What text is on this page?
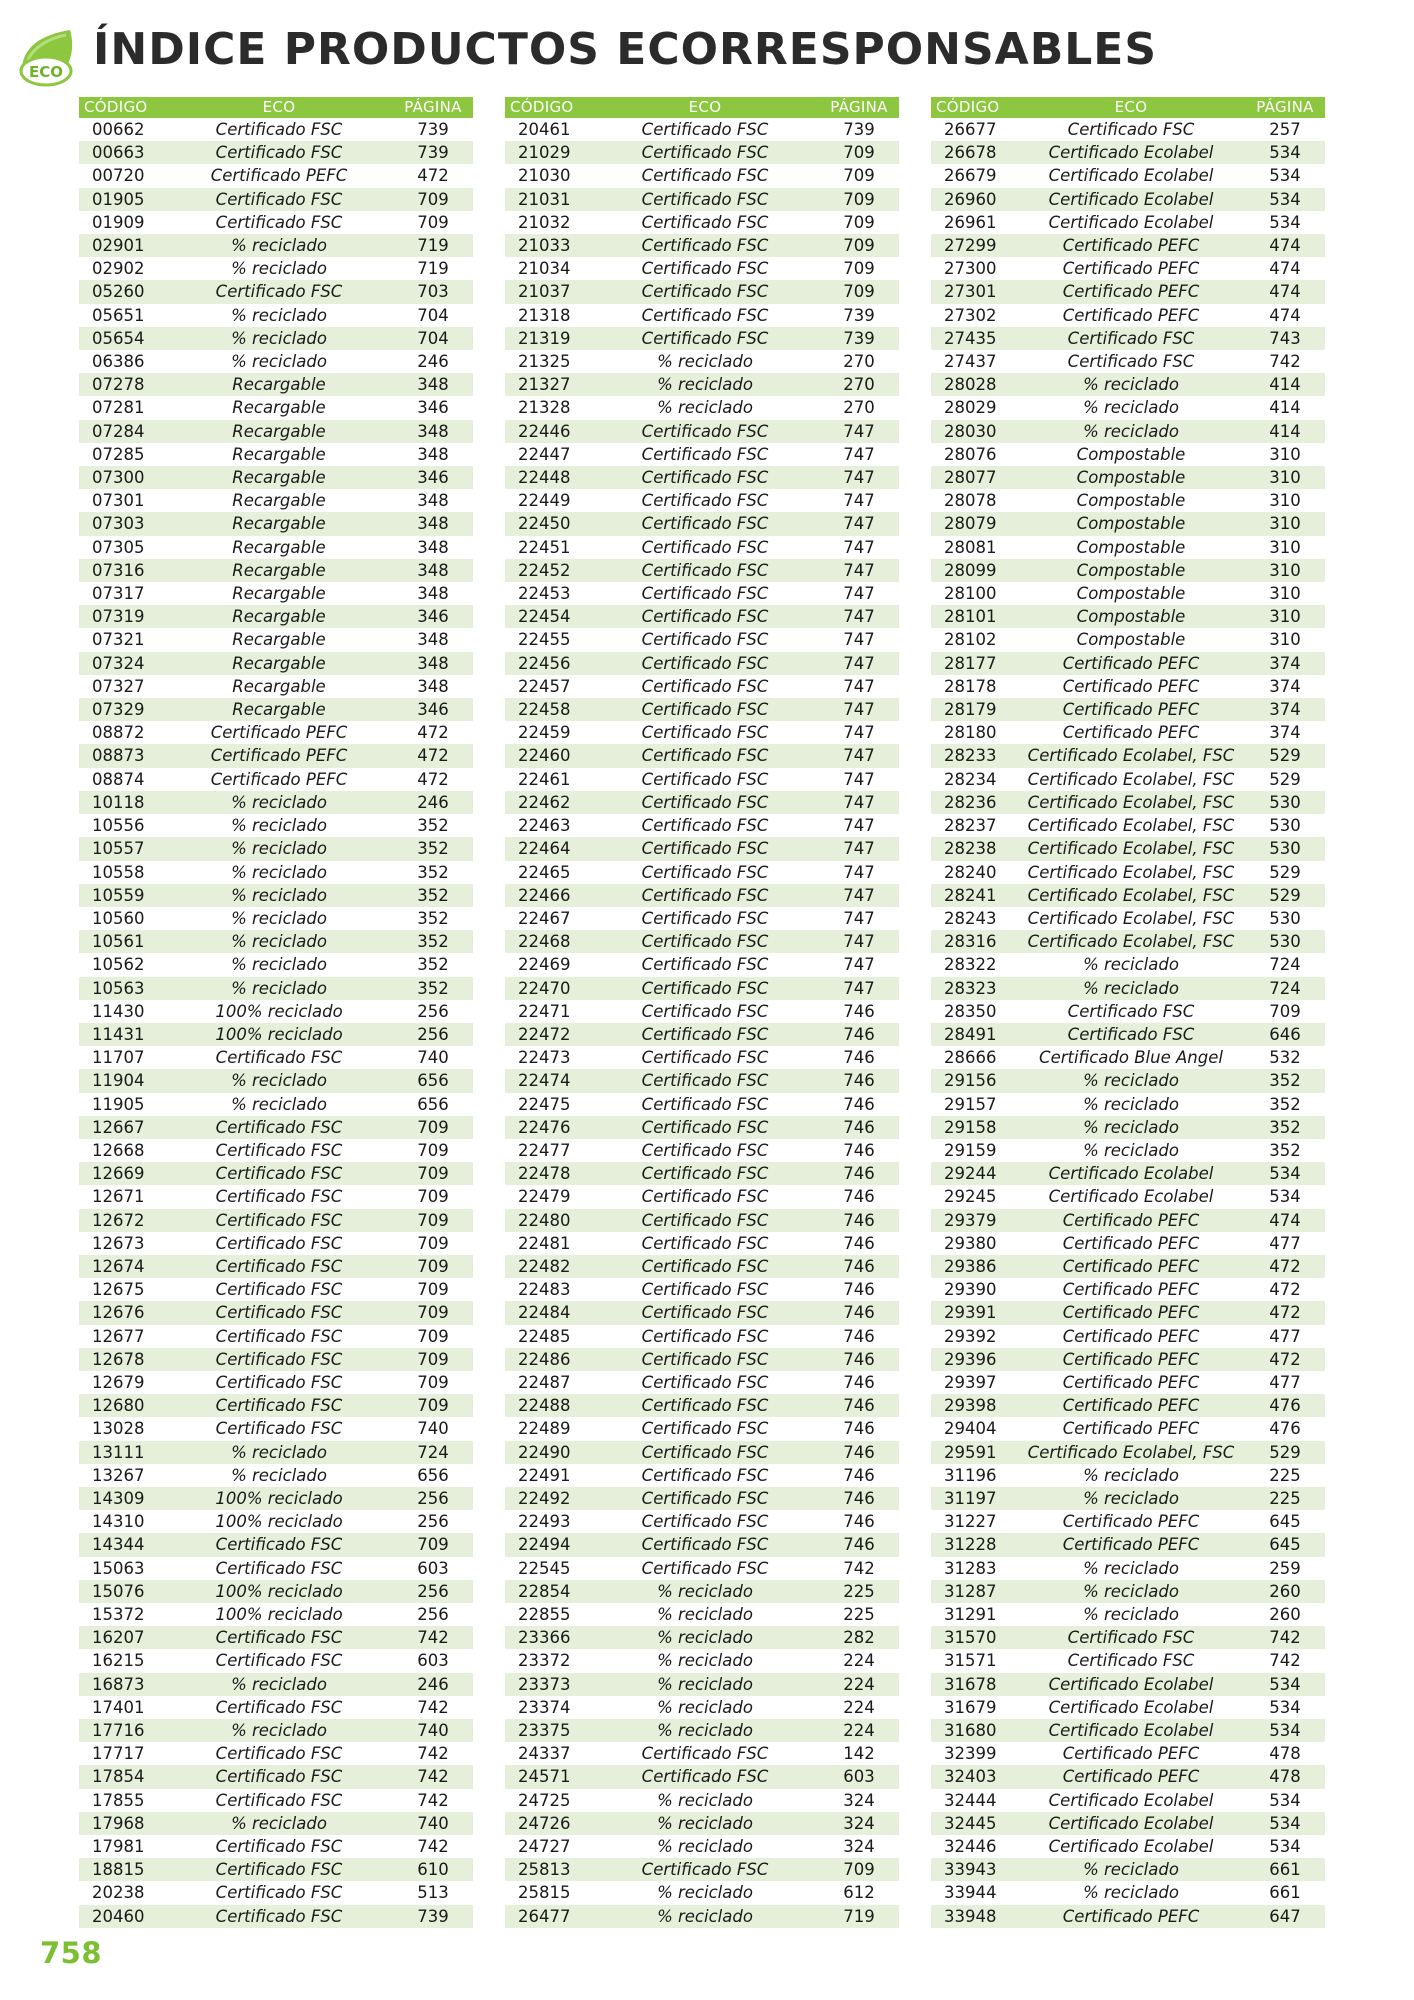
ECO ÍNDICE PRODUCTOS ECORRESPONSABLES
CÓDIGO	ECO	PÁGINA
00662	Certificado FSC	739
00663	Certificado FSC	739
00720	Certificado PEFC	472
01905	Certificado FSC	709
01909	Certificado FSC	709
02901	% reciclado	719
02902	% reciclado	719
05260	Certificado FSC	703
05651	% reciclado	704
05654	% reciclado	704
06386	% reciclado	246
07278	Recargable	348
07281	Recargable	346
07284	Recargable	348
07285	Recargable	348
07300	Recargable	346
07301	Recargable	348
07303	Recargable	348
07305	Recargable	348
07316	Recargable	348
07317	Recargable	348
07319	Recargable	346
07321	Recargable	348
07324	Recargable	348
07327	Recargable	348
07329	Recargable	346
08872	Certificado PEFC	472
08873	Certificado PEFC	472
08874	Certificado PEFC	472
10118	% reciclado	246
10556	% reciclado	352
10557	% reciclado	352
10558	% reciclado	352
10559	% reciclado	352
10560	% reciclado	352
10561	% reciclado	352
10562	% reciclado	352
10563	% reciclado	352
11430	100% reciclado	256
11431	100% reciclado	256
11707	Certificado FSC	740
11904	% reciclado	656
11905	% reciclado	656
12667	Certificado FSC	709
12668	Certificado FSC	709
12669	Certificado FSC	709
12671	Certificado FSC	709
12672	Certificado FSC	709
12673	Certificado FSC	709
12674	Certificado FSC	709
12675	Certificado FSC	709
12676	Certificado FSC	709
12677	Certificado FSC	709
12678	Certificado FSC	709
12679	Certificado FSC	709
12680	Certificado FSC	709
13028	Certificado FSC	740
13111	% reciclado	724
13267	% reciclado	656
14309	100% reciclado	256
14310	100% reciclado	256
14344	Certificado FSC	709
15063	Certificado FSC	603
15076	100% reciclado	256
15372	100% reciclado	256
16207	Certificado FSC	742
16215	Certificado FSC	603
16873	% reciclado	246
17401	Certificado FSC	742
17716	% reciclado	740
17717	Certificado FSC	742
17854	Certificado FSC	742
17855	Certificado FSC	742
17968	% reciclado	740
17981	Certificado FSC	742
18815	Certificado FSC	610
20238	Certificado FSC	513
20460	Certificado FSC	739
CÓDIGO	ECO	PÁGINA
20461	Certificado FSC	739
21029	Certificado FSC	709
21030	Certificado FSC	709
21031	Certificado FSC	709
21032	Certificado FSC	709
21033	Certificado FSC	709
21034	Certificado FSC	709
21037	Certificado FSC	709
21318	Certificado FSC	739
21319	Certificado FSC	739
21325	% reciclado	270
21327	% reciclado	270
21328	% reciclado	270
22446	Certificado FSC	747
22447	Certificado FSC	747
22448	Certificado FSC	747
22449	Certificado FSC	747
22450	Certificado FSC	747
22451	Certificado FSC	747
22452	Certificado FSC	747
22453	Certificado FSC	747
22454	Certificado FSC	747
22455	Certificado FSC	747
22456	Certificado FSC	747
22457	Certificado FSC	747
22458	Certificado FSC	747
22459	Certificado FSC	747
22460	Certificado FSC	747
22461	Certificado FSC	747
22462	Certificado FSC	747
22463	Certificado FSC	747
22464	Certificado FSC	747
22465	Certificado FSC	747
22466	Certificado FSC	747
22467	Certificado FSC	747
22468	Certificado FSC	747
22469	Certificado FSC	747
22470	Certificado FSC	747
22471	Certificado FSC	746
22472	Certificado FSC	746
22473	Certificado FSC	746
22474	Certificado FSC	746
22475	Certificado FSC	746
22476	Certificado FSC	746
22477	Certificado FSC	746
22478	Certificado FSC	746
22479	Certificado FSC	746
22480	Certificado FSC	746
22481	Certificado FSC	746
22482	Certificado FSC	746
22483	Certificado FSC	746
22484	Certificado FSC	746
22485	Certificado FSC	746
22486	Certificado FSC	746
22487	Certificado FSC	746
22488	Certificado FSC	746
22489	Certificado FSC	746
22490	Certificado FSC	746
22491	Certificado FSC	746
22492	Certificado FSC	746
22493	Certificado FSC	746
22494	Certificado FSC	746
22545	Certificado FSC	742
22854	% reciclado	225
22855	% reciclado	225
23366	% reciclado	282
23372	% reciclado	224
23373	% reciclado	224
23374	% reciclado	224
23375	% reciclado	224
24337	Certificado FSC	142
24571	Certificado FSC	603
24725	% reciclado	324
24726	% reciclado	324
24727	% reciclado	324
25813	Certificado FSC	709
25815	% reciclado	612
26477	% reciclado	719
CÓDIGO	ECO	PÁGINA
26677	Certificado FSC	257
26678	Certificado Ecolabel	534
26679	Certificado Ecolabel	534
26960	Certificado Ecolabel	534
26961	Certificado Ecolabel	534
27299	Certificado PEFC	474
27300	Certificado PEFC	474
27301	Certificado PEFC	474
27302	Certificado PEFC	474
27435	Certificado FSC	743
27437	Certificado FSC	742
28028	% reciclado	414
28029	% reciclado	414
28030	% reciclado	414
28076	Compostable	310
28077	Compostable	310
28078	Compostable	310
28079	Compostable	310
28081	Compostable	310
28099	Compostable	310
28100	Compostable	310
28101	Compostable	310
28102	Compostable	310
28177	Certificado PEFC	374
28178	Certificado PEFC	374
28179	Certificado PEFC	374
28180	Certificado PEFC	374
28233	Certificado Ecolabel, FSC	529
28234	Certificado Ecolabel, FSC	529
28236	Certificado Ecolabel, FSC	530
28237	Certificado Ecolabel, FSC	530
28238	Certificado Ecolabel, FSC	530
28240	Certificado Ecolabel, FSC	529
28241	Certificado Ecolabel, FSC	529
28243	Certificado Ecolabel, FSC	530
28316	Certificado Ecolabel, FSC	530
28322	% reciclado	724
28323	% reciclado	724
28350	Certificado FSC	709
28491	Certificado FSC	646
28666	Certificado Blue Angel	532
29156	% reciclado	352
29157	% reciclado	352
29158	% reciclado	352
29159	% reciclado	352
29244	Certificado Ecolabel	534
29245	Certificado Ecolabel	534
29379	Certificado PEFC	474
29380	Certificado PEFC	477
29386	Certificado PEFC	472
29390	Certificado PEFC	472
29391	Certificado PEFC	472
29392	Certificado PEFC	477
29396	Certificado PEFC	472
29397	Certificado PEFC	477
29398	Certificado PEFC	476
29404	Certificado PEFC	476
29591	Certificado Ecolabel, FSC	529
31196	% reciclado	225
31197	% reciclado	225
31227	Certificado PEFC	645
31228	Certificado PEFC	645
31283	% reciclado	259
31287	% reciclado	260
31291	% reciclado	260
31570	Certificado FSC	742
31571	Certificado FSC	742
31678	Certificado Ecolabel	534
31679	Certificado Ecolabel	534
31680	Certificado Ecolabel	534
32399	Certificado PEFC	478
32403	Certificado PEFC	478
32444	Certificado Ecolabel	534
32445	Certificado Ecolabel	534
32446	Certificado Ecolabel	534
33943	% reciclado	661
33944	% reciclado	661
33948	Certificado PEFC	647
758
